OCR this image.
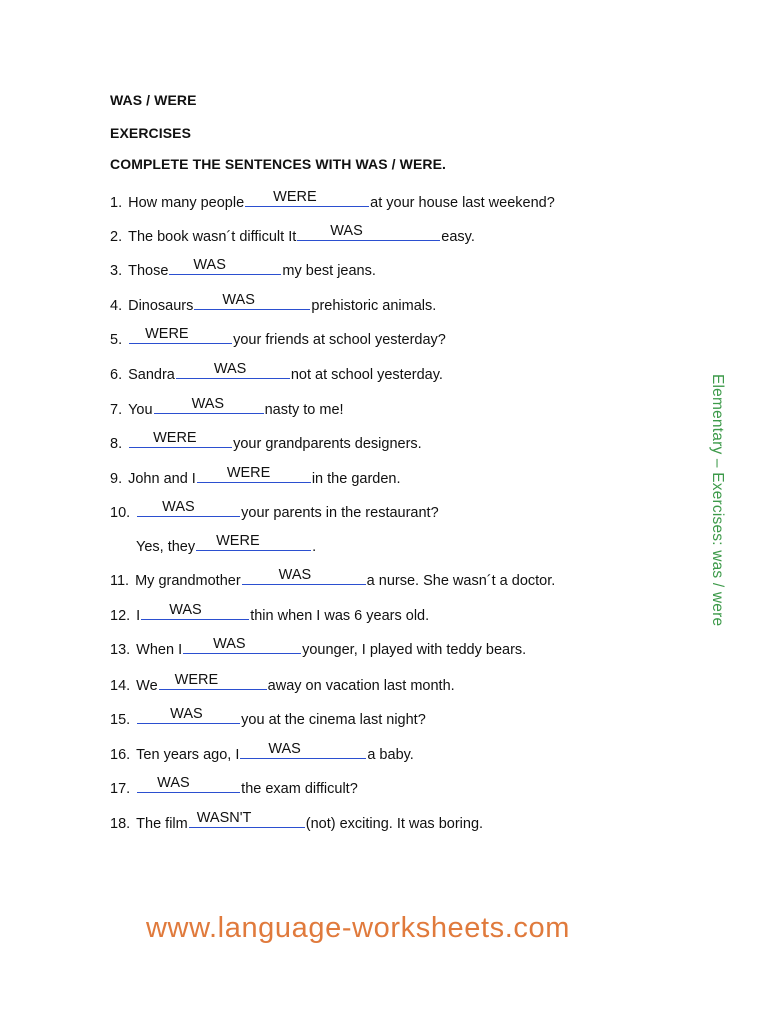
WAS / WERE
EXERCISES
COMPLETE THE SENTENCES WITH WAS / WERE.
1. How many people WERE	at your house last weekend?
2. The book wasn´t difficult It WAS	easy.
3. Those WAS	my best jeans.
4. Dinosaurs WAS	prehistoric animals.
5. WERE	your friends at school yesterday?
6. Sandra	WAS	not at school yesterday.
7. You	WAS	nasty to me!
8. WERE	your grandparents designers.
9. John and I WERE	in the garden.
10. WAS	your parents in the restaurant?
Yes, they WERE	.
11. My grandmother	WAS	a nurse. She wasn´t a doctor.
12. I WAS	thin when I was 6 years old.
13. When I WAS	younger, I played with teddy bears.
14. We WERE	away on vacation last month.
15.	WAS	you at the cinema last night?
16. Ten years ago, I WAS	a baby.
17. WAS	the exam difficult?
18. The film WASN'T	(not) exciting. It was boring.
Elementary – Exercises: was / were
www.language-worksheets.com
